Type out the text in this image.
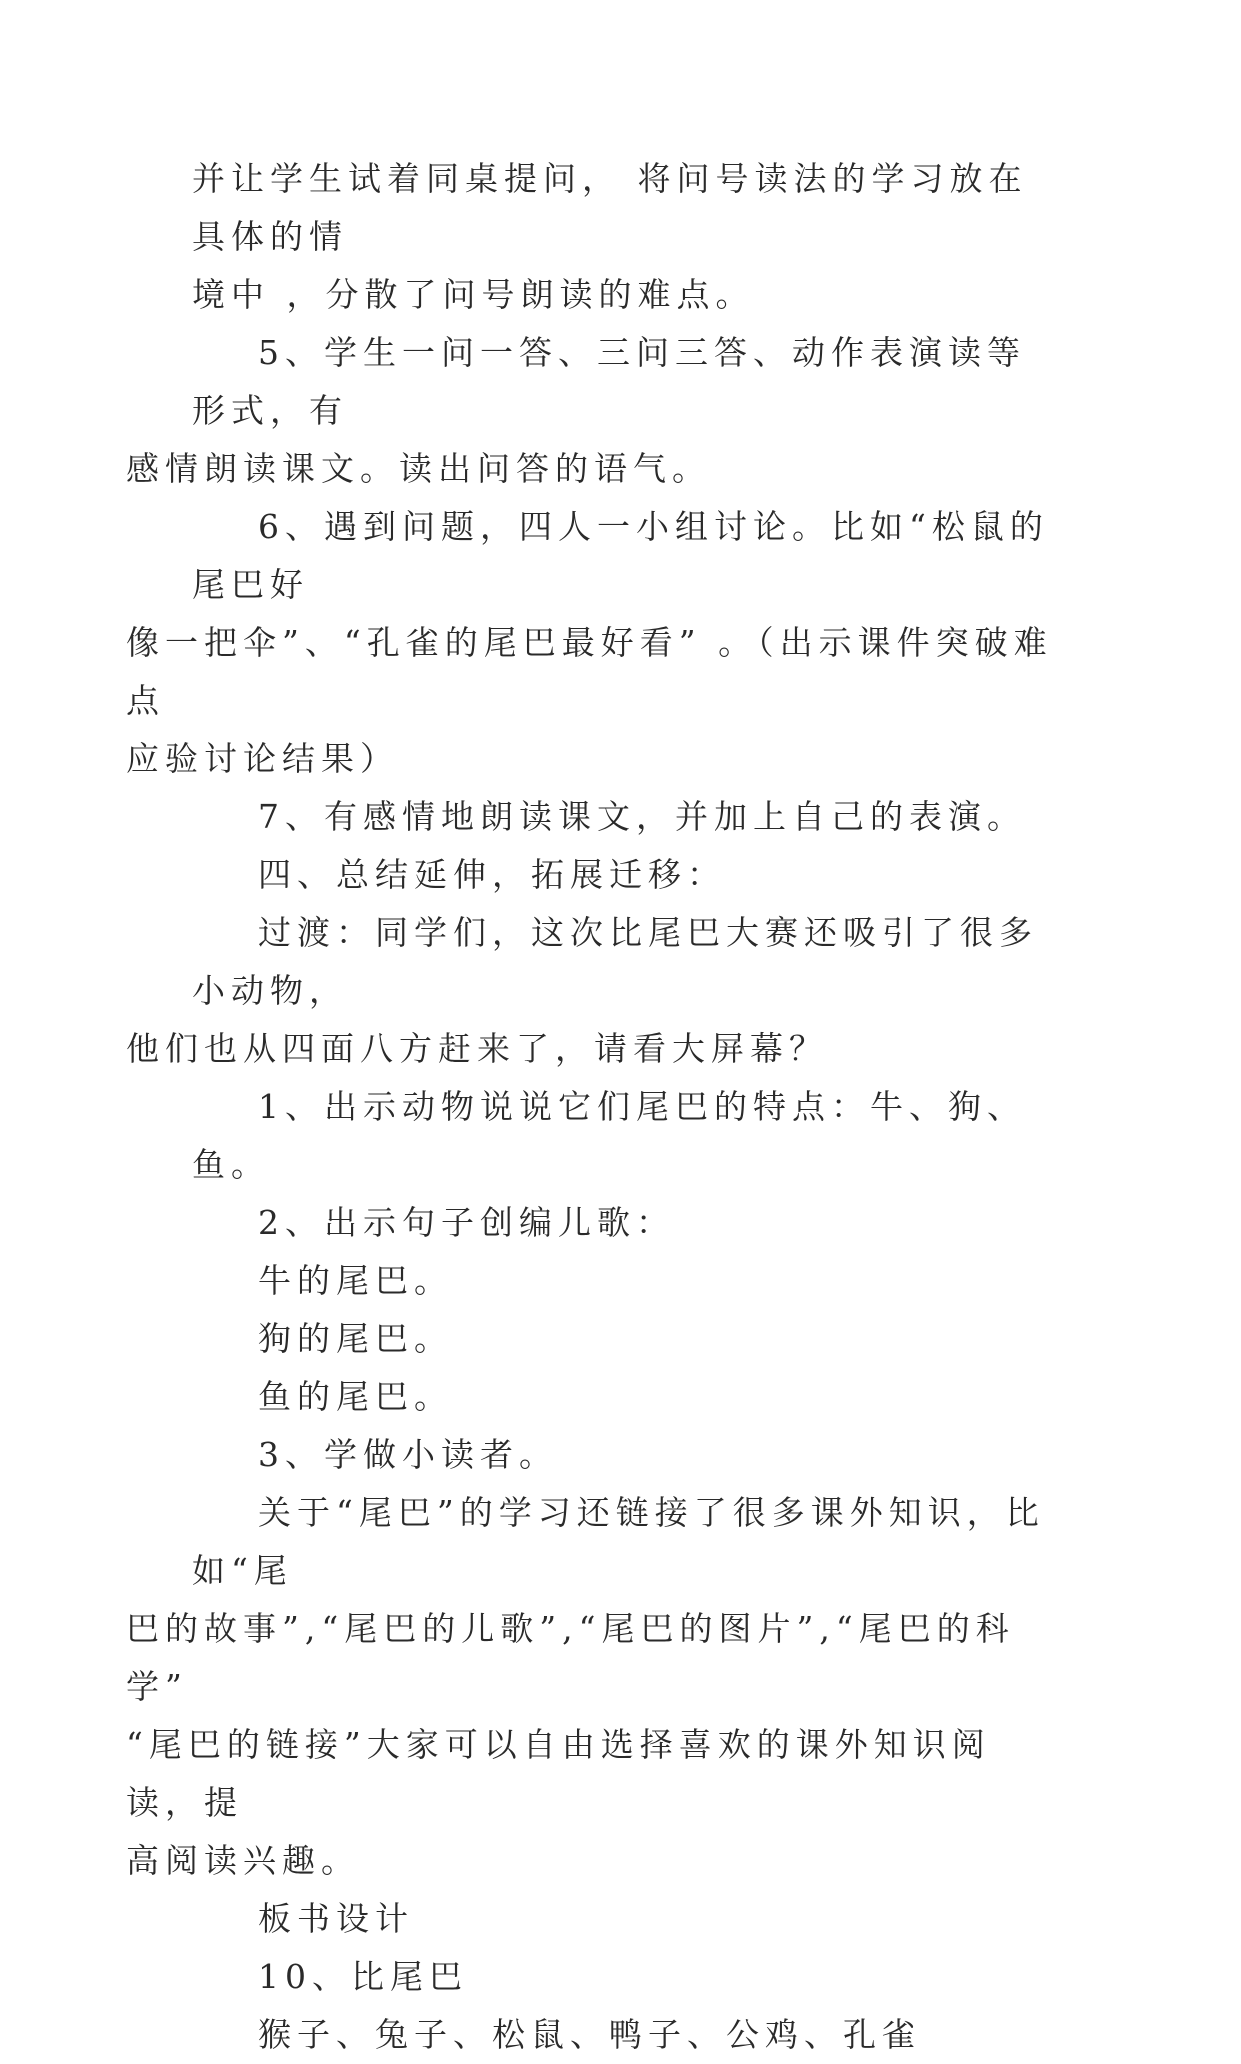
并让学生试着同桌提问， 将问号读法的学习放在具体的情
境中 ，分散了问号朗读的难点。

5、学生一问一答、三问三答、动作表演读等形式，有
感情朗读课文。读出问答的语气。

6、遇到问题，四人一小组讨论。比如“松鼠的尾巴好
像一把伞”、“孔雀的尾巴最好看” 。（出示课件突破难点
应验讨论结果）

7、有感情地朗读课文，并加上自己的表演。

四、总结延伸，拓展迁移：

过渡：同学们，这次比尾巴大赛还吸引了很多小动物，
他们也从四面八方赶来了，请看大屏幕？

1、出示动物说说它们尾巴的特点：牛、狗、鱼。

2、出示句子创编儿歌：

牛的尾巴。

狗的尾巴。

鱼的尾巴。

3、学做小读者。

关于“尾巴”的学习还链接了很多课外知识，比如“尾
巴的故事”,“尾巴的儿歌”,“尾巴的图片”,“尾巴的科学”
“尾巴的链接”大家可以自由选择喜欢的课外知识阅读，提
高阅读兴趣。

板书设计

10、比尾巴

猴子、兔子、松鼠、鸭子、公鸡、孔雀
